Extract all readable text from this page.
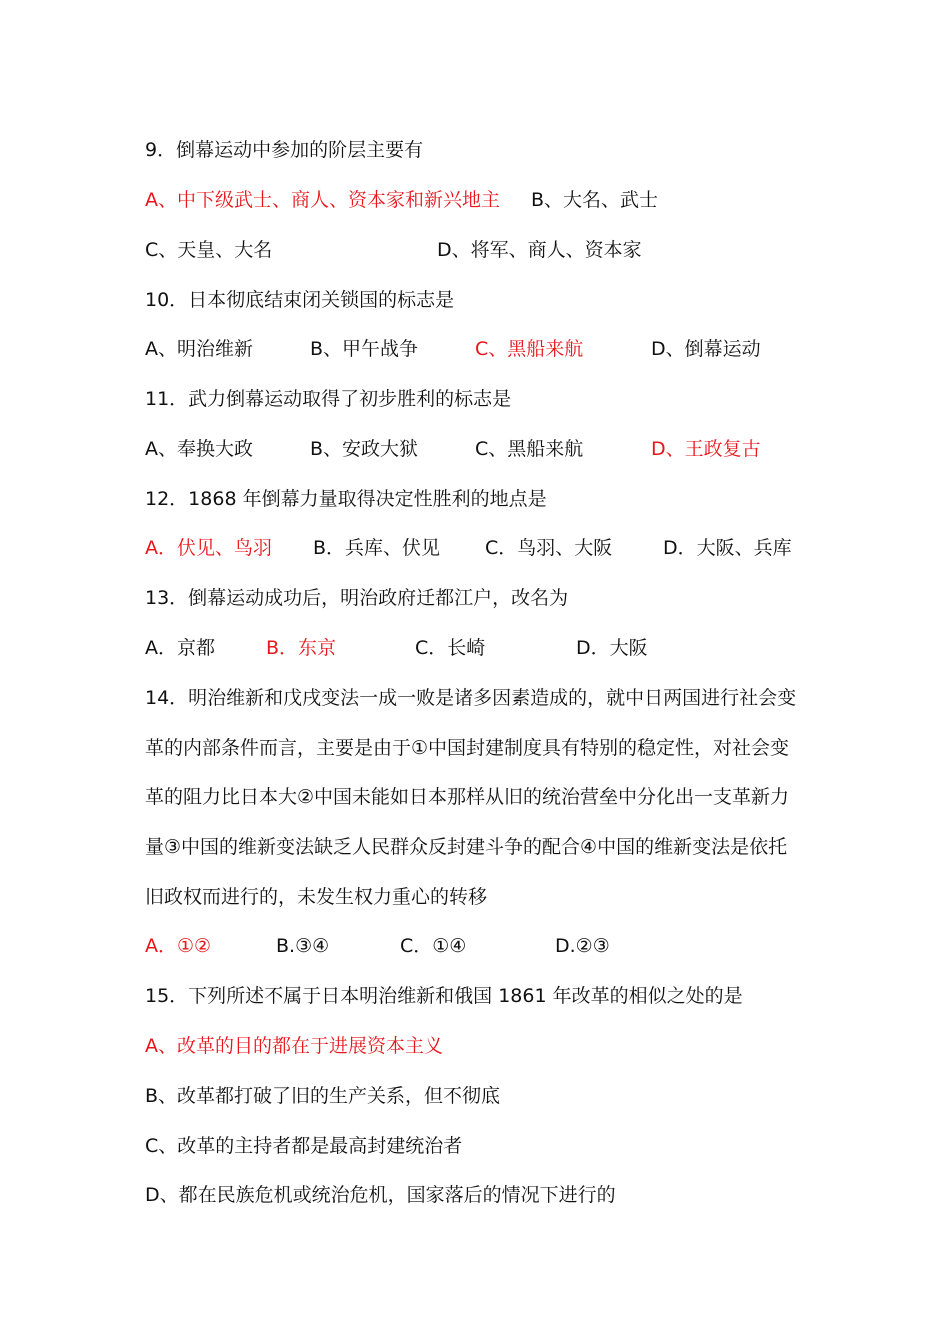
9．倒幕运动中参加的阶层主要有
A、中下级武士、商人、资本家和新兴地主 B、大名、武士
C、天皇、大名	D、将军、商人、资本家
10．日本彻底结束闭关锁国的标志是
A、明治维新	B、甲午战争	C、黑船来航	D、倒幕运动
11．武力倒幕运动取得了初步胜利的标志是
A、奉换大政	B、安政大狱	C、黑船来航	D、王政复古
12．1868 年倒幕力量取得决定性胜利的地点是
A．伏见、鸟羽 B．兵库、伏见 C．鸟羽、大阪	D．大阪、兵库
13．倒幕运动成功后，明治政府迁都江户，改名为
A．京都	B．东京	C．长崎	D．大阪
14．明治维新和戊戌变法一成一败是诸多因素造成的，就中日两国进行社会变
革的内部条件而言，主要是由于①中国封建制度具有特别的稳定性，对社会变
革的阻力比日本大②中国未能如日本那样从旧的统治营垒中分化出一支革新力
量③中国的维新变法缺乏人民群众反封建斗争的配合④中国的维新变法是依托
旧政权而进行的，未发生权力重心的转移
A．①②	B.③④	C．①④	D.②③
15．下列所述不属于日本明治维新和俄国 1861 年改革的相似之处的是
A、改革的目的都在于进展资本主义
B、改革都打破了旧的生产关系，但不彻底
C、改革的主持者都是最高封建统治者
D、都在民族危机或统治危机，国家落后的情况下进行的
